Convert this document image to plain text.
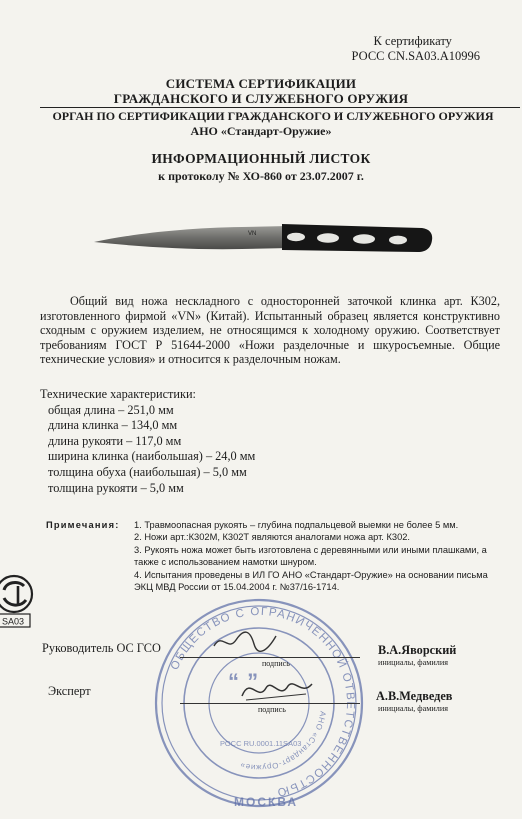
К сертификату
РОСС CN.SA03.A10996
СИСТЕМА СЕРТИФИКАЦИИ
ГРАЖДАНСКОГО И СЛУЖЕБНОГО ОРУЖИЯ
ОРГАН ПО СЕРТИФИКАЦИИ ГРАЖДАНСКОГО И СЛУЖЕБНОГО ОРУЖИЯ
АНО «Стандарт-Оружие»
ИНФОРМАЦИОННЫЙ ЛИСТОК
к протоколу № ХО-860 от 23.07.2007 г.
VN

Общий вид ножа нескладного с односторонней заточкой клинка арт. К302, изготовленного фирмой «VN» (Китай). Испытанный образец является конструктивно сходным с оружием изделием, не относящимся к холодному оружию. Соответствует требованиям ГОСТ Р 51644-2000 «Ножи разделочные и шкуросъемные. Общие технические условия» и относится к разделочным ножам.

Технические характеристики:
общая длина – 251,0 мм
длина клинка – 134,0 мм
длина рукояти – 117,0 мм
ширина клинка (наибольшая) – 24,0 мм
толщина обуха (наибольшая) – 5,0 мм
толщина рукояти – 5,0 мм
Примечания: 1. Травмоопасная рукоять – глубина подпальцевой выемки не более 5 мм.
2. Ножи арт.:К302М, К302Т являются аналогами ножа арт. К302.
3. Рукоять ножа может быть изготовлена с деревянными или иными плашками, а также с использованием намотки шнуром.
4. Испытания проведены в ИЛ ГО АНО «Стандарт-Оружие» на основании письма ЭКЦ МВД России от 15.04.2004 г. №37/16-1714.
SA03
ОБЩЕСТВО С ОГРАНИЧЕННОЙ ОТВЕТСТВЕННОСТЬЮ
АНО «Стандарт-Оружие»
МОСКВА
РОСС RU.0001.11SA03
“ ”
Руководитель ОС ГСО
подпись
В.А.Яворский
инициалы, фамилия
Эксперт
подпись
А.В.Медведев
инициалы, фамилия
